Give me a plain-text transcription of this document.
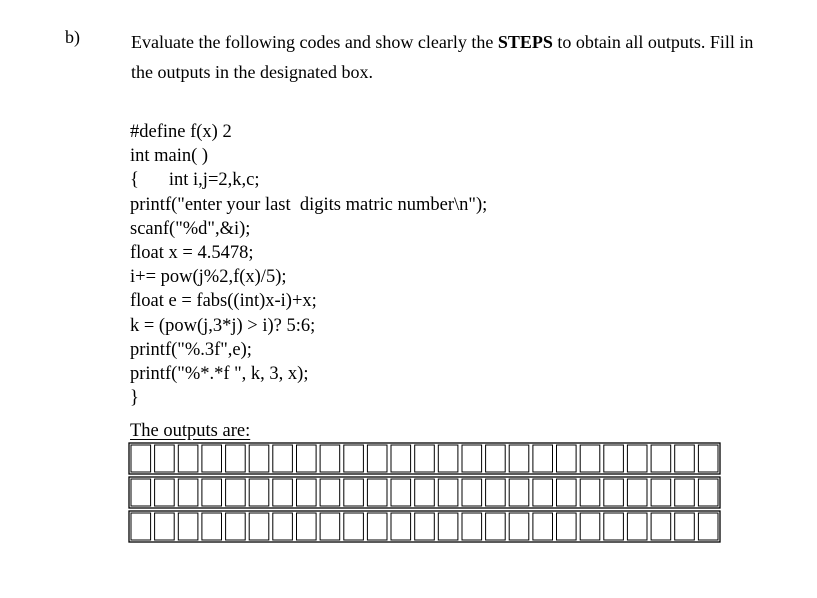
b)	Evaluate the following codes and show clearly the STEPS to obtain all outputs. Fill in the outputs in the designated box.
#define f(x) 2
int main( )
{ int i,j=2,k,c;
printf("enter your last  digits matric number\n");
scanf("%d",&i);
float x = 4.5478;
i+= pow(j%2,f(x)/5);
float e = fabs((int)x-i)+x;
k = (pow(j,3*j) > i)? 5:6;
printf("%.3f",e);
printf("%*.*f ", k, 3, x);
}
The outputs are:
